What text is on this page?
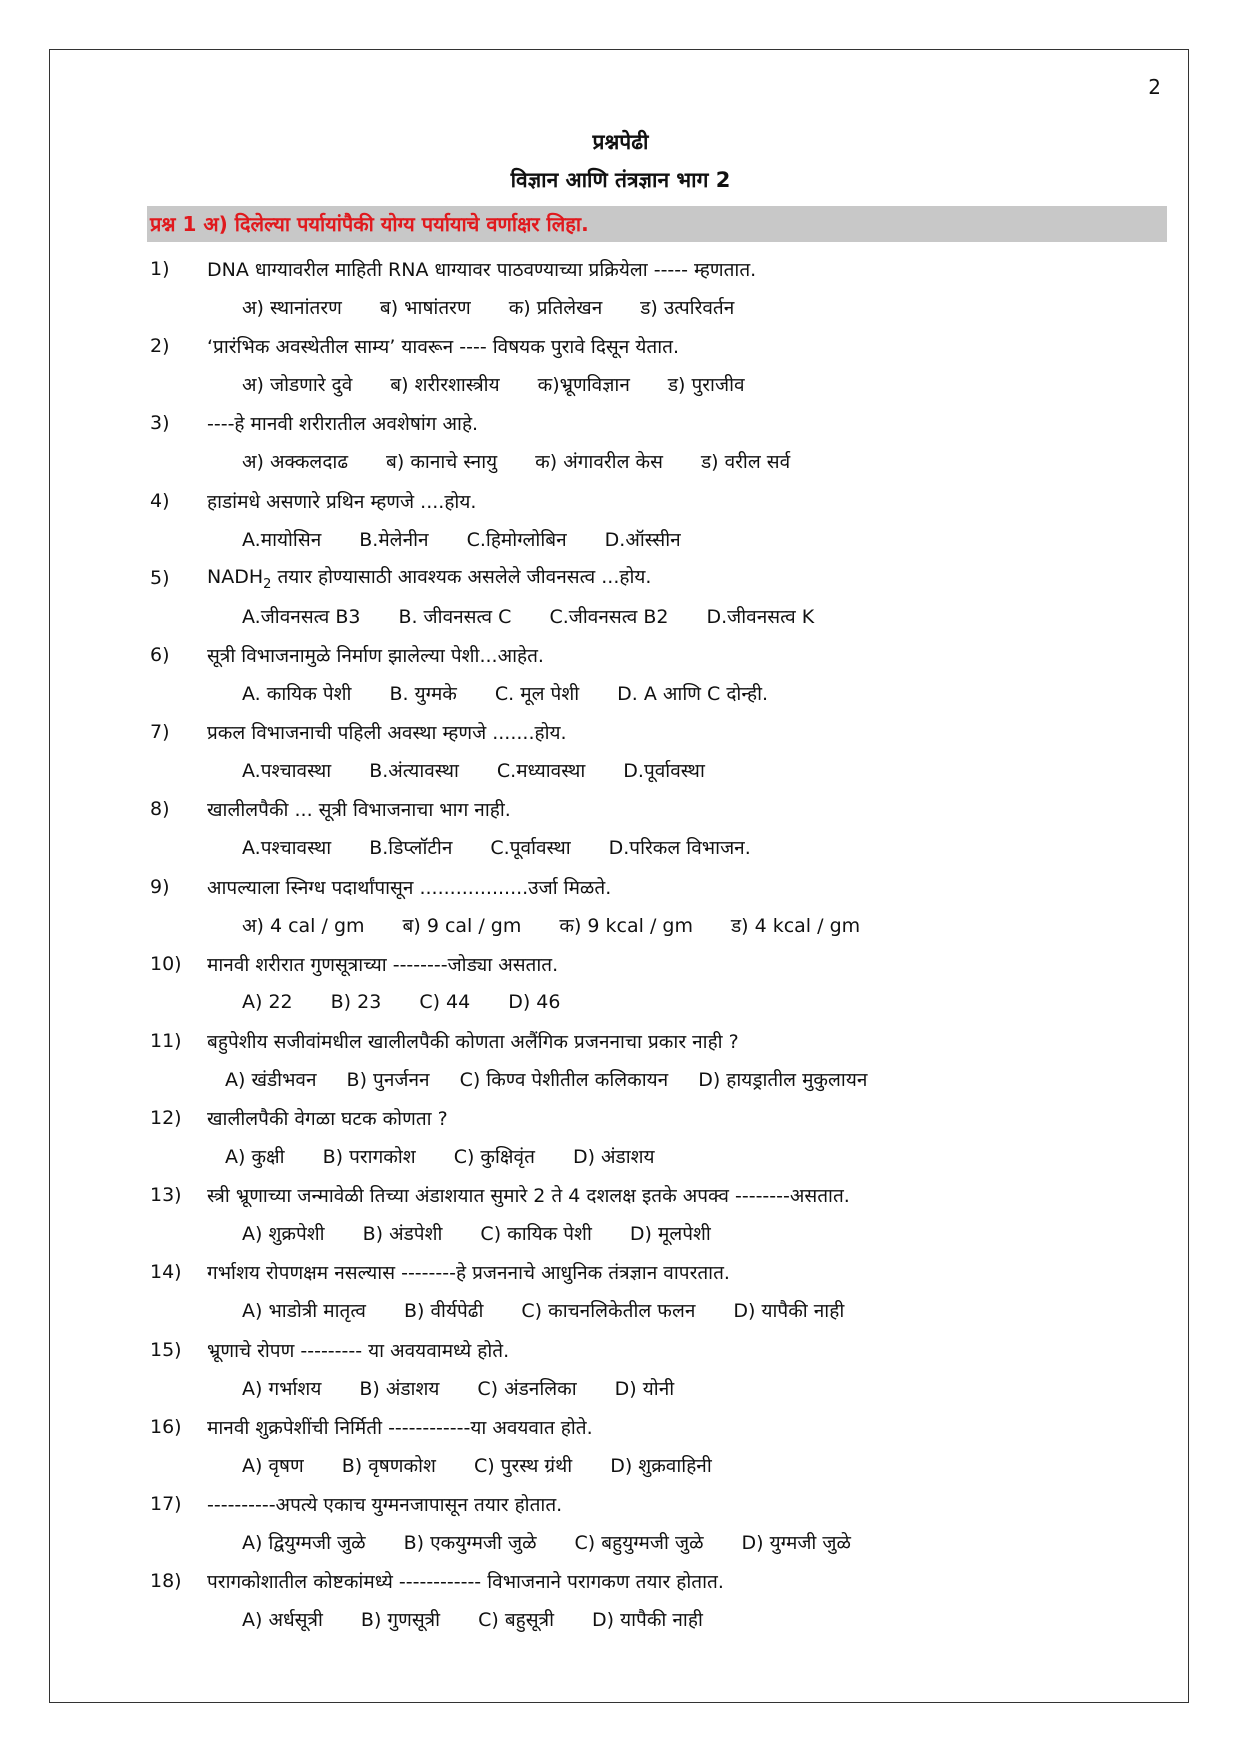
2
प्रश्नपेढी
विज्ञान आणि तंत्रज्ञान भाग 2
प्रश्न 1 अ) दिलेल्या पर्यायांपैकी योग्य पर्यायाचे वर्णाक्षर लिहा.
1)	DNA धाग्यावरील माहिती RNA धाग्यावर पाठवण्याच्या प्रक्रियेला ----- म्हणतात.
अ) स्थानांतरण ब) भाषांतरण क) प्रतिलेखन ड) उत्परिवर्तन
2)	‘प्रारंभिक अवस्थेतील साम्य’ यावरून ---- विषयक पुरावे दिसून येतात.
अ) जोडणारे दुवे ब) शरीरशास्त्रीय क)भ्रूणविज्ञान ड) पुराजीव
3)	----हे मानवी शरीरातील अवशेषांग आहे.
अ) अक्कलदाढ ब) कानाचे स्नायु क) अंगावरील केस ड) वरील सर्व
4)	हाडांमधे असणारे प्रथिन म्हणजे ....होय.
A.मायोसिन B.मेलेनीन C.हिमोग्लोबिन D.ऑस्सीन
5)	$NADH_2$ तयार होण्यासाठी आवश्यक असलेले जीवनसत्व ...होय.
A.जीवनसत्व B3 B. जीवनसत्व C C.जीवनसत्व B2 D.जीवनसत्व K
6)	सूत्री विभाजनामुळे निर्माण झालेल्या पेशी...आहेत.
A. कायिक पेशी B. युग्मके C. मूल पेशी D. A आणि C दोन्ही.
7)	प्रकल विभाजनाची पहिली अवस्था म्हणजे .......होय.
A.पश्चावस्था B.अंत्यावस्था C.मध्यावस्था D.पूर्वावस्था
8)	खालीलपैकी ... सूत्री विभाजनाचा भाग नाही.
A.पश्चावस्था B.डिप्लॉटीन C.पूर्वावस्था D.परिकल विभाजन.
9)	आपल्याला स्निग्ध पदार्थांपासून ..................उर्जा मिळते.
अ) 4 cal / gm ब) 9 cal / gm क) 9 kcal / gm ड) 4 kcal / gm
10)	मानवी शरीरात गुणसूत्राच्या --------जोड्या असतात.
A) 22 B) 23 C) 44 D) 46
11)	बहुपेशीय सजीवांमधील खालीलपैकी कोणता अलैंगिक प्रजननाचा प्रकार नाही ?
A) खंडीभवन B) पुनर्जनन C) किण्व पेशीतील कलिकायन D) हायड्रातील मुकुलायन
12)	खालीलपैकी वेगळा घटक कोणता ?
A) कुक्षी B) परागकोश C) कुक्षिवृंत D) अंडाशय
13)	स्त्री भ्रूणाच्या जन्मावेळी तिच्या अंडाशयात सुमारे 2 ते 4 दशलक्ष इतके अपक्व --------असतात.
A) शुक्रपेशी B) अंडपेशी C) कायिक पेशी D) मूलपेशी
14)	गर्भाशय रोपणक्षम नसल्यास --------हे प्रजननाचे आधुनिक तंत्रज्ञान वापरतात.
A) भाडोत्री मातृत्व B) वीर्यपेढी C) काचनलिकेतील फलन D) यापैकी नाही
15)	भ्रूणाचे रोपण --------- या अवयवामध्ये होते.
A) गर्भाशय B) अंडाशय C) अंडनलिका D) योनी
16)	मानवी शुक्रपेशींची निर्मिती ------------या अवयवात होते.
A) वृषण B) वृषणकोश C) पुरस्थ ग्रंथी D) शुक्रवाहिनी
17)	----------अपत्ये एकाच युग्मनजापासून तयार होतात.
A) द्वियुग्मजी जुळे B) एकयुग्मजी जुळे C) बहुयुग्मजी जुळे D) युग्मजी जुळे
18)	परागकोशातील कोष्टकांमध्ये ------------ विभाजनाने परागकण तयार होतात.
A) अर्धसूत्री B) गुणसूत्री C) बहुसूत्री D) यापैकी नाही
